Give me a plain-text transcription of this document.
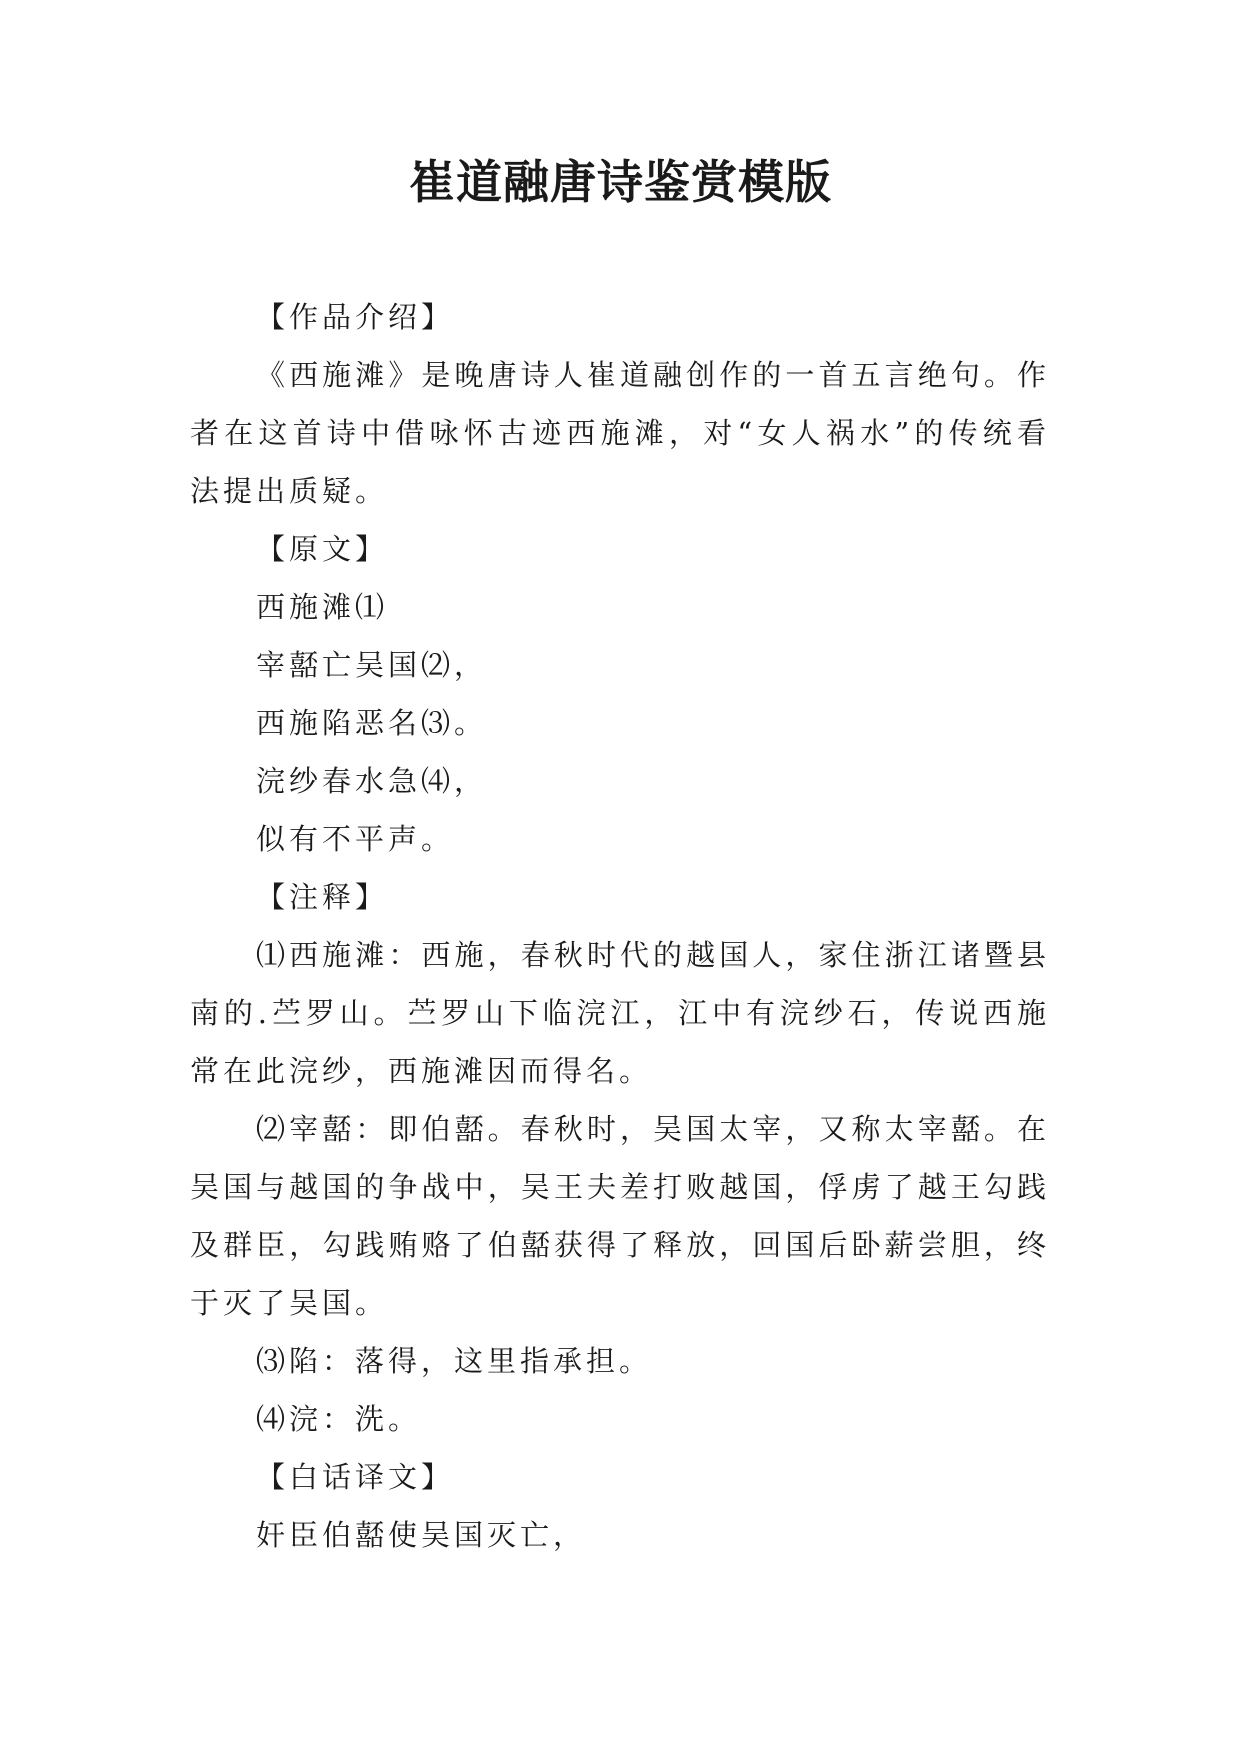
崔道融唐诗鉴赏模版

【作品介绍】

《西施滩》是晚唐诗人崔道融创作的一首五言绝句。作者在这首诗中借咏怀古迹西施滩，对“女人祸水”的传统看法提出质疑。

【原文】

西施滩⑴

宰嚭亡吴国⑵，

西施陷恶名⑶。

浣纱春水急⑷，

似有不平声。

【注释】

⑴西施滩：西施，春秋时代的越国人，家住浙江诸暨县南的.苎罗山。苎罗山下临浣江，江中有浣纱石，传说西施常在此浣纱，西施滩因而得名。

⑵宰嚭：即伯嚭。春秋时，吴国太宰，又称太宰嚭。在吴国与越国的争战中，吴王夫差打败越国，俘虏了越王勾践及群臣，勾践贿赂了伯嚭获得了释放，回国后卧薪尝胆，终于灭了吴国。

⑶陷：落得，这里指承担。

⑷浣：洗。

【白话译文】

奸臣伯嚭使吴国灭亡，
